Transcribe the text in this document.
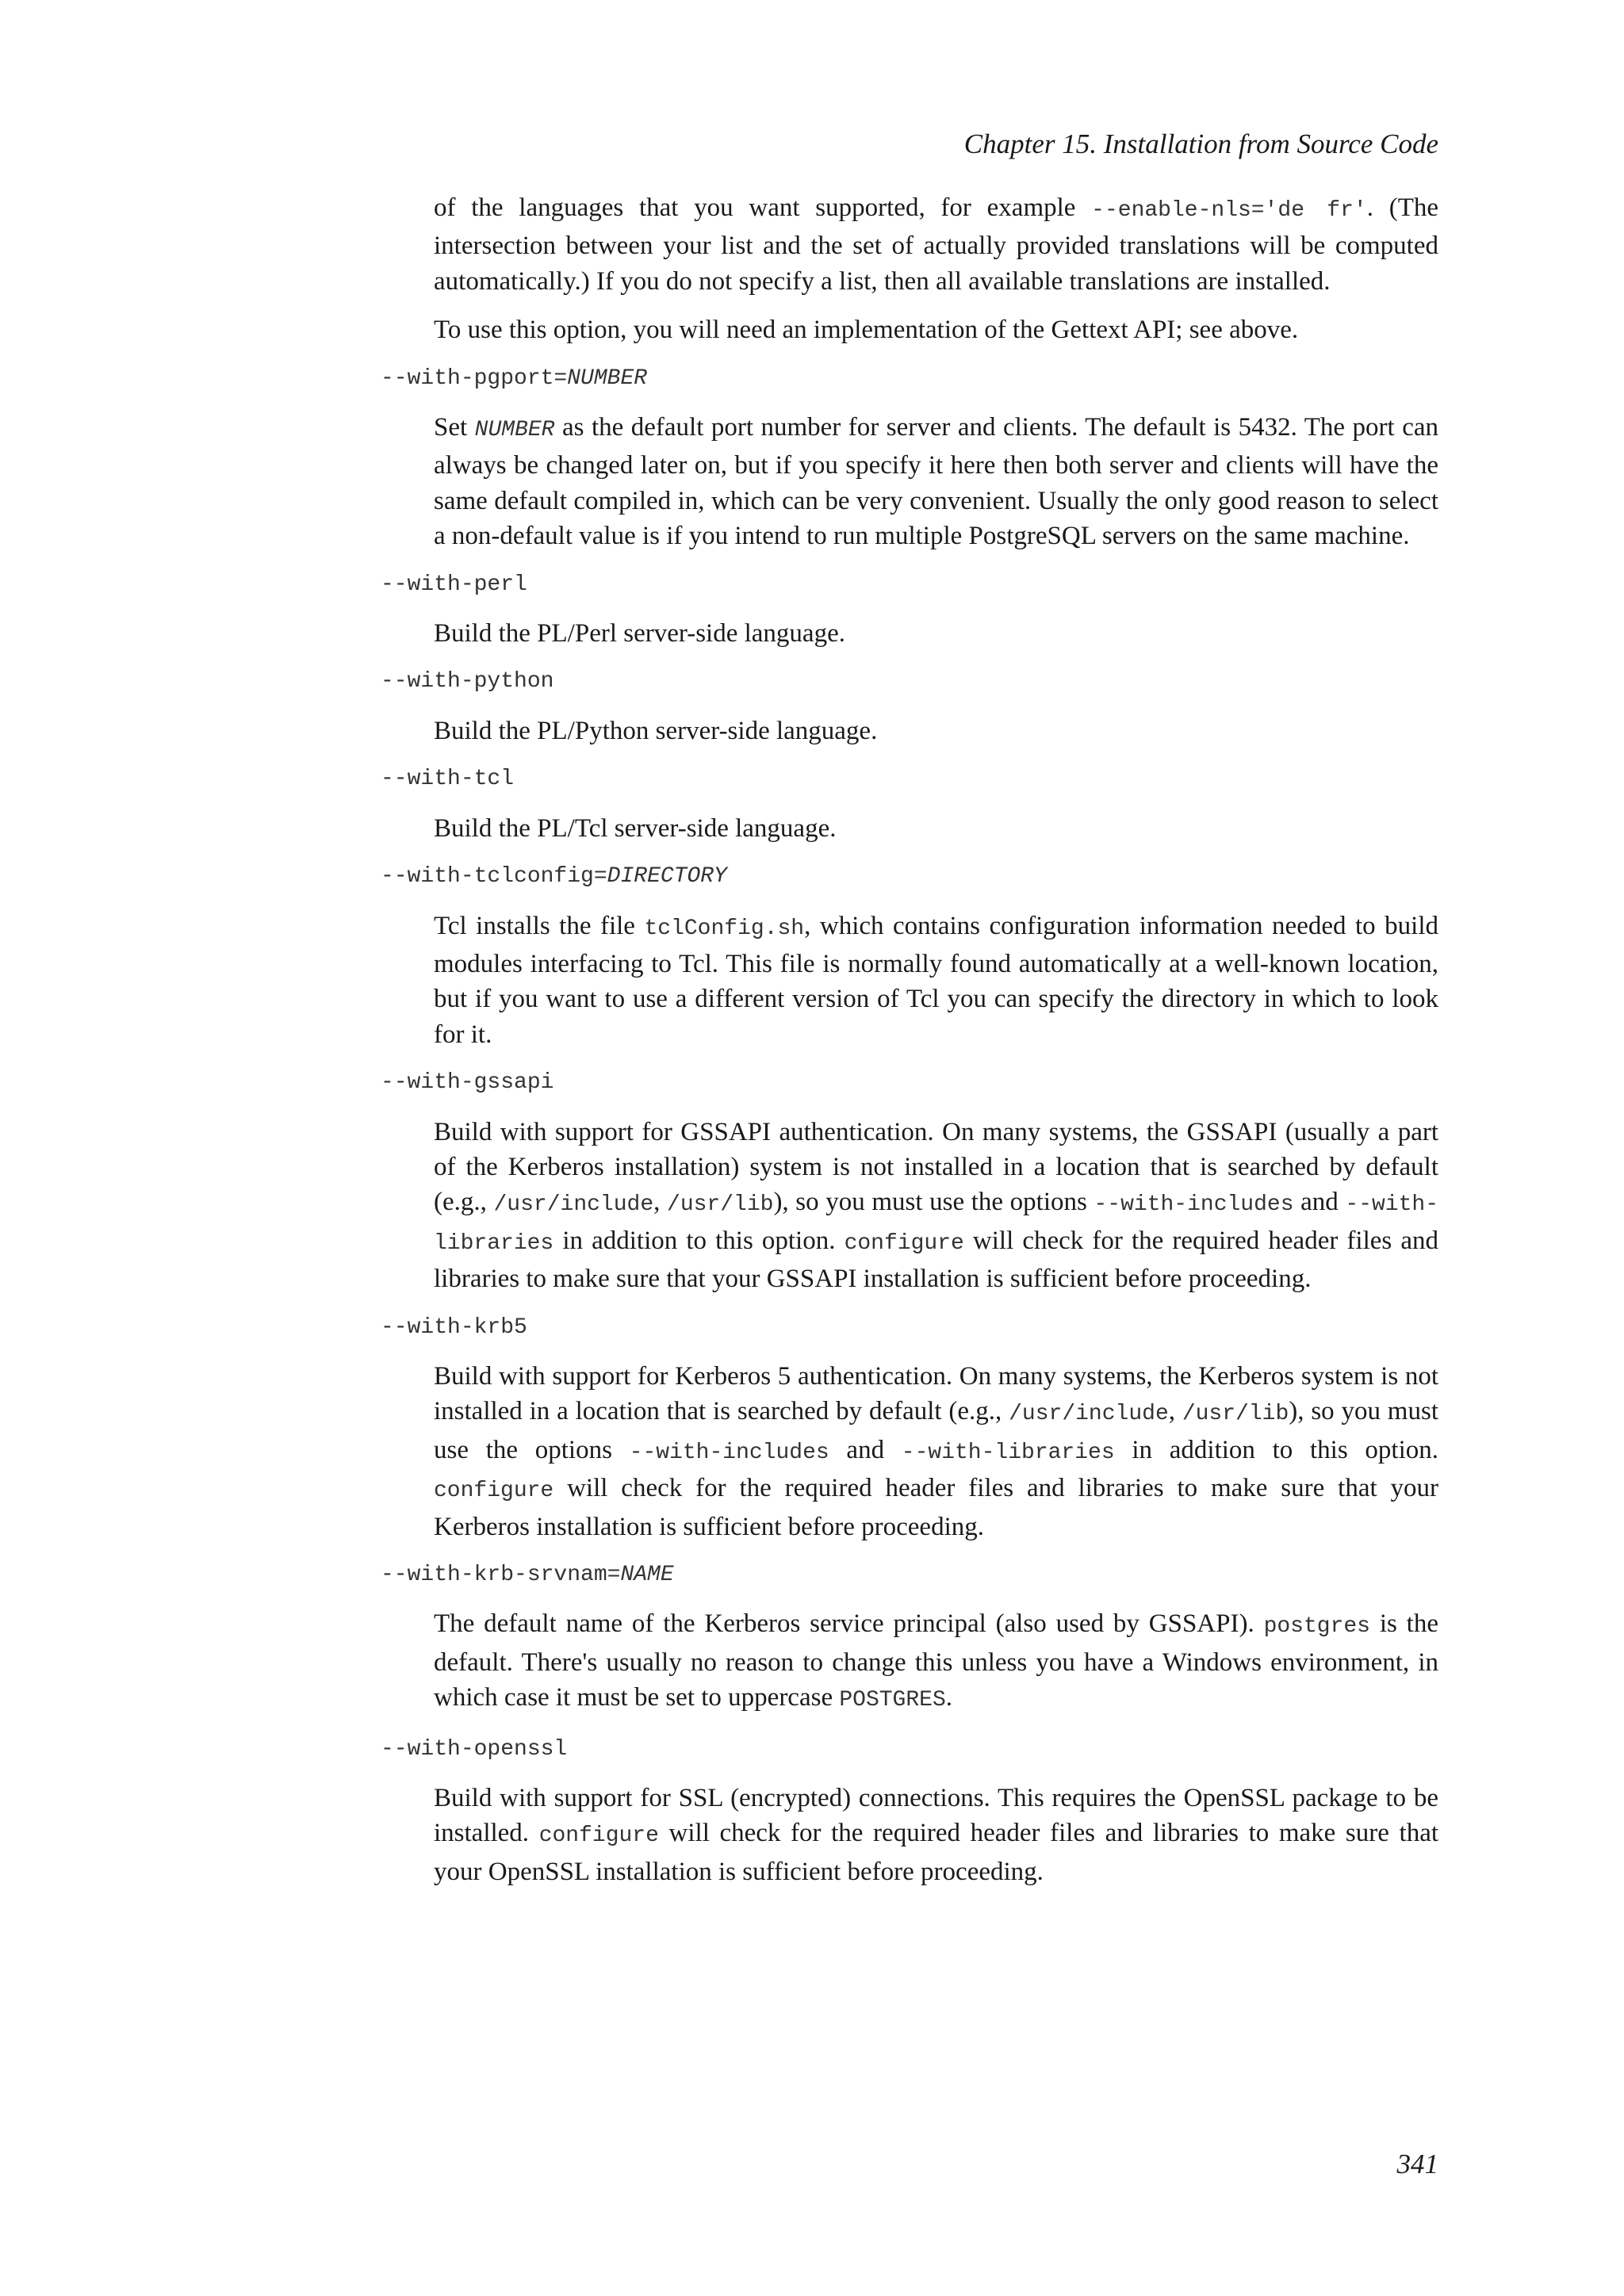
Chapter 15. Installation from Source Code
of the languages that you want supported, for example --enable-nls='de fr'. (The intersection between your list and the set of actually provided translations will be computed automatically.) If you do not specify a list, then all available translations are installed.
To use this option, you will need an implementation of the Gettext API; see above.
--with-pgport=NUMBER
Set NUMBER as the default port number for server and clients. The default is 5432. The port can always be changed later on, but if you specify it here then both server and clients will have the same default compiled in, which can be very convenient. Usually the only good reason to select a non-default value is if you intend to run multiple PostgreSQL servers on the same machine.
--with-perl
Build the PL/Perl server-side language.
--with-python
Build the PL/Python server-side language.
--with-tcl
Build the PL/Tcl server-side language.
--with-tclconfig=DIRECTORY
Tcl installs the file tclConfig.sh, which contains configuration information needed to build modules interfacing to Tcl. This file is normally found automatically at a well-known location, but if you want to use a different version of Tcl you can specify the directory in which to look for it.
--with-gssapi
Build with support for GSSAPI authentication. On many systems, the GSSAPI (usually a part of the Kerberos installation) system is not installed in a location that is searched by default (e.g., /usr/include, /usr/lib), so you must use the options --with-includes and --with-libraries in addition to this option. configure will check for the required header files and libraries to make sure that your GSSAPI installation is sufficient before proceeding.
--with-krb5
Build with support for Kerberos 5 authentication. On many systems, the Kerberos system is not installed in a location that is searched by default (e.g., /usr/include, /usr/lib), so you must use the options --with-includes and --with-libraries in addition to this option. configure will check for the required header files and libraries to make sure that your Kerberos installation is sufficient before proceeding.
--with-krb-srvnam=NAME
The default name of the Kerberos service principal (also used by GSSAPI). postgres is the default. There's usually no reason to change this unless you have a Windows environment, in which case it must be set to uppercase POSTGRES.
--with-openssl
Build with support for SSL (encrypted) connections. This requires the OpenSSL package to be installed. configure will check for the required header files and libraries to make sure that your OpenSSL installation is sufficient before proceeding.
341
